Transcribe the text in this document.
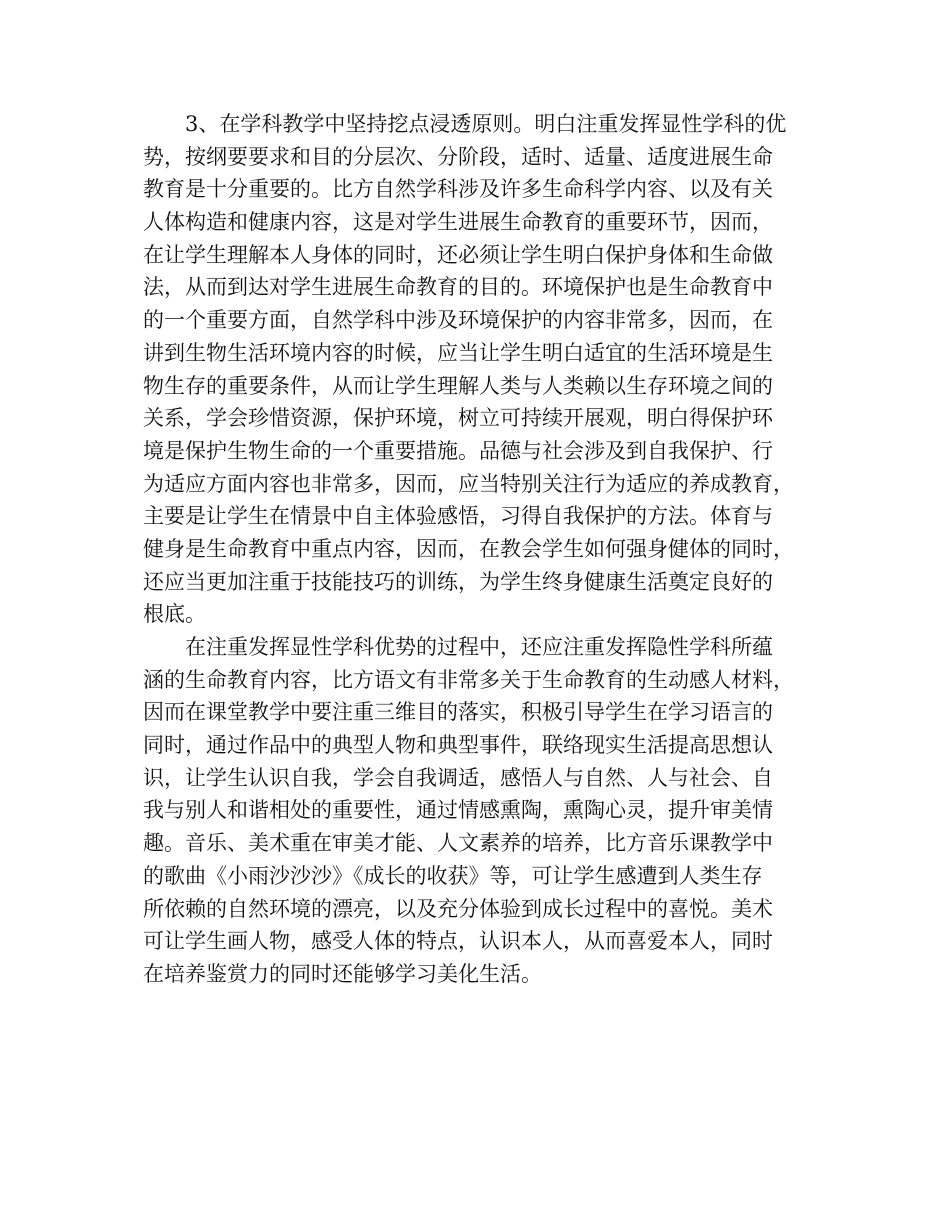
3、在学科教学中坚持挖点浸透原则。明白注重发挥显性学科的优
势，按纲要要求和目的分层次、分阶段，适时、适量、适度进展生命
教育是十分重要的。比方自然学科涉及许多生命科学内容、以及有关
人体构造和健康内容，这是对学生进展生命教育的重要环节，因而，
在让学生理解本人身体的同时，还必须让学生明白保护身体和生命做
法，从而到达对学生进展生命教育的目的。环境保护也是生命教育中
的一个重要方面，自然学科中涉及环境保护的内容非常多，因而，在
讲到生物生活环境内容的时候，应当让学生明白适宜的生活环境是生
物生存的重要条件，从而让学生理解人类与人类赖以生存环境之间的
关系，学会珍惜资源，保护环境，树立可持续开展观，明白得保护环
境是保护生物生命的一个重要措施。品德与社会涉及到自我保护、行
为适应方面内容也非常多，因而，应当特别关注行为适应的养成教育，
主要是让学生在情景中自主体验感悟，习得自我保护的方法。体育与
健身是生命教育中重点内容，因而，在教会学生如何强身健体的同时，
还应当更加注重于技能技巧的训练，为学生终身健康生活奠定良好的
根底。
在注重发挥显性学科优势的过程中，还应注重发挥隐性学科所蕴
涵的生命教育内容，比方语文有非常多关于生命教育的生动感人材料，
因而在课堂教学中要注重三维目的落实，积极引导学生在学习语言的
同时，通过作品中的典型人物和典型事件，联络现实生活提高思想认
识，让学生认识自我，学会自我调适，感悟人与自然、人与社会、自
我与别人和谐相处的重要性，通过情感熏陶，熏陶心灵，提升审美情
趣。音乐、美术重在审美才能、人文素养的培养，比方音乐课教学中
的歌曲《小雨沙沙沙》《成长的收获》等，可让学生感遭到人类生存
所依赖的自然环境的漂亮，以及充分体验到成长过程中的喜悦。美术
可让学生画人物，感受人体的特点，认识本人，从而喜爱本人，同时
在培养鉴赏力的同时还能够学习美化生活。
